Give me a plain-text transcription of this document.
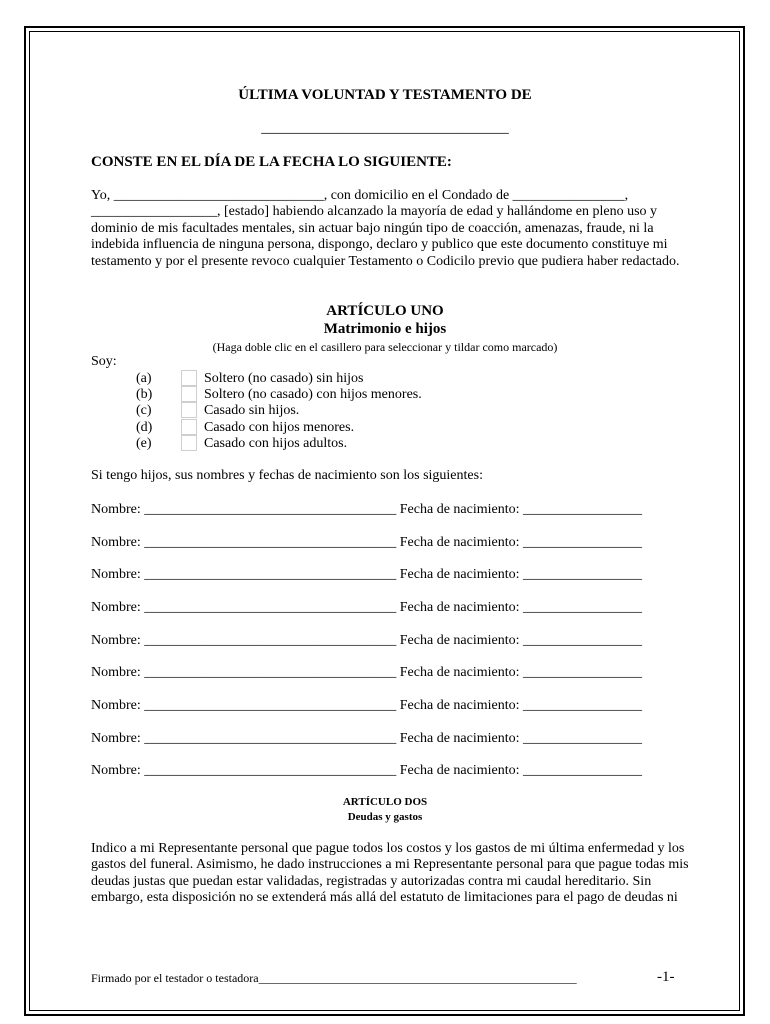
ÚLTIMA VOLUNTAD Y TESTAMENTO DE
_________________________________
CONSTE EN EL DÍA DE LA FECHA LO SIGUIENTE:
Yo, ______________________________, con domicilio en el Condado de ________________, __________________, [estado] habiendo alcanzado la mayoría de edad y hallándome en pleno uso y dominio de mis facultades mentales, sin actuar bajo ningún tipo de coacción, amenazas, fraude, ni la indebida influencia de ninguna persona, dispongo, declaro y publico que este documento constituye mi testamento y por el presente revoco cualquier Testamento o Codicilo previo que pudiera haber redactado.
ARTÍCULO UNO
Matrimonio e hijos
(Haga doble clic en el casillero para seleccionar y tildar como marcado)
Soy:
(a)	Soltero (no casado) sin hijos
(b)	Soltero (no casado) con hijos menores.
(c)	Casado sin hijos.
(d)	Casado con hijos menores.
(e)	Casado con hijos adultos.
Si tengo hijos, sus nombres y fechas de nacimiento son los siguientes:
Nombre: ____________________________________ Fecha de nacimiento: _________________
Nombre: ____________________________________ Fecha de nacimiento: _________________
Nombre: ____________________________________ Fecha de nacimiento: _________________
Nombre: ____________________________________ Fecha de nacimiento: _________________
Nombre: ____________________________________ Fecha de nacimiento: _________________
Nombre: ____________________________________ Fecha de nacimiento: _________________
Nombre: ____________________________________ Fecha de nacimiento: _________________
Nombre: ____________________________________ Fecha de nacimiento: _________________
Nombre: ____________________________________ Fecha de nacimiento: _________________
ARTÍCULO DOS
Deudas y gastos
Indico a mi Representante personal que pague todos los costos y los gastos de mi última enfermedad y los gastos del funeral. Asimismo, he dado instrucciones a mi Representante personal para que pague todas mis deudas justas que puedan estar validadas, registradas y autorizadas contra mi caudal hereditario. Sin embargo, esta disposición no se extenderá más allá del estatuto de limitaciones para el pago de deudas ni
Firmado por el testador o testadora_____________________________________________________	-1-
